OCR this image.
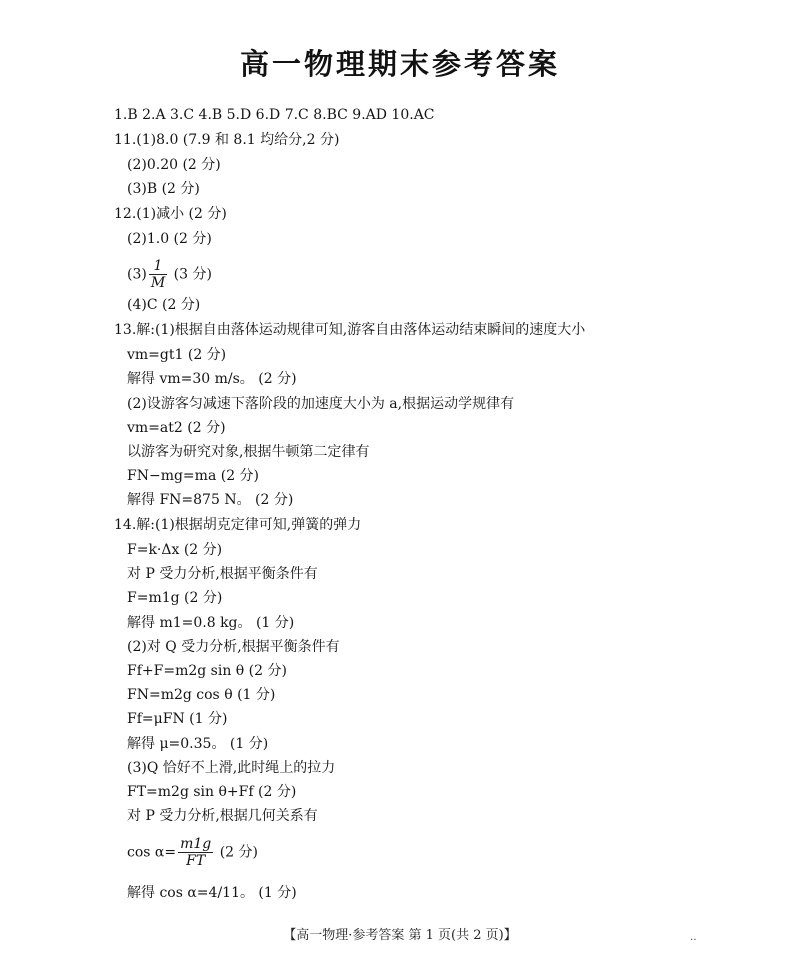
高一物理期末参考答案
1.B 2.A 3.C 4.B 5.D 6.D 7.C 8.BC 9.AD 10.AC
11.(1)8.0 (7.9 和 8.1 均给分,2 分)
(2)0.20 (2 分)
(3)B (2 分)
12.(1)减小 (2 分)
(2)1.0 (2 分)
$(3) \frac{1}{M} (3$ 分)
(4)C (2 分)
13.解:(1)根据自由落体运动规律可知,游客自由落体运动结束瞬间的速度大小
vm=gt1 (2 分)
解得 vm=30 m/s。 (2 分)
(2)设游客匀减速下落阶段的加速度大小为 a,根据运动学规律有
vm=at2 (2 分)
以游客为研究对象,根据牛顿第二定律有
FN−mg=ma (2 分)
解得 FN=875 N。 (2 分)
14.解:(1)根据胡克定律可知,弹簧的弹力
F=k·Δx (2 分)
对 P 受力分析,根据平衡条件有
F=m1g (2 分)
解得 m1=0.8 kg。 (1 分)
(2)对 Q 受力分析,根据平衡条件有
Ff+F=m2g sin θ (2 分)
FN=m2g cos θ (1 分)
Ff=μFN (1 分)
解得 μ=0.35。 (1 分)
(3)Q 恰好不上滑,此时绳上的拉力
FT=m2g sin θ+Ff (2 分)
对 P 受力分析,根据几何关系有
$\cos \alpha= \frac{m1g}{FT} (2$ 分)
解得 cos α=4/11。 (1 分)
【高一物理·参考答案 第 1 页(共 2 页)】	‥
